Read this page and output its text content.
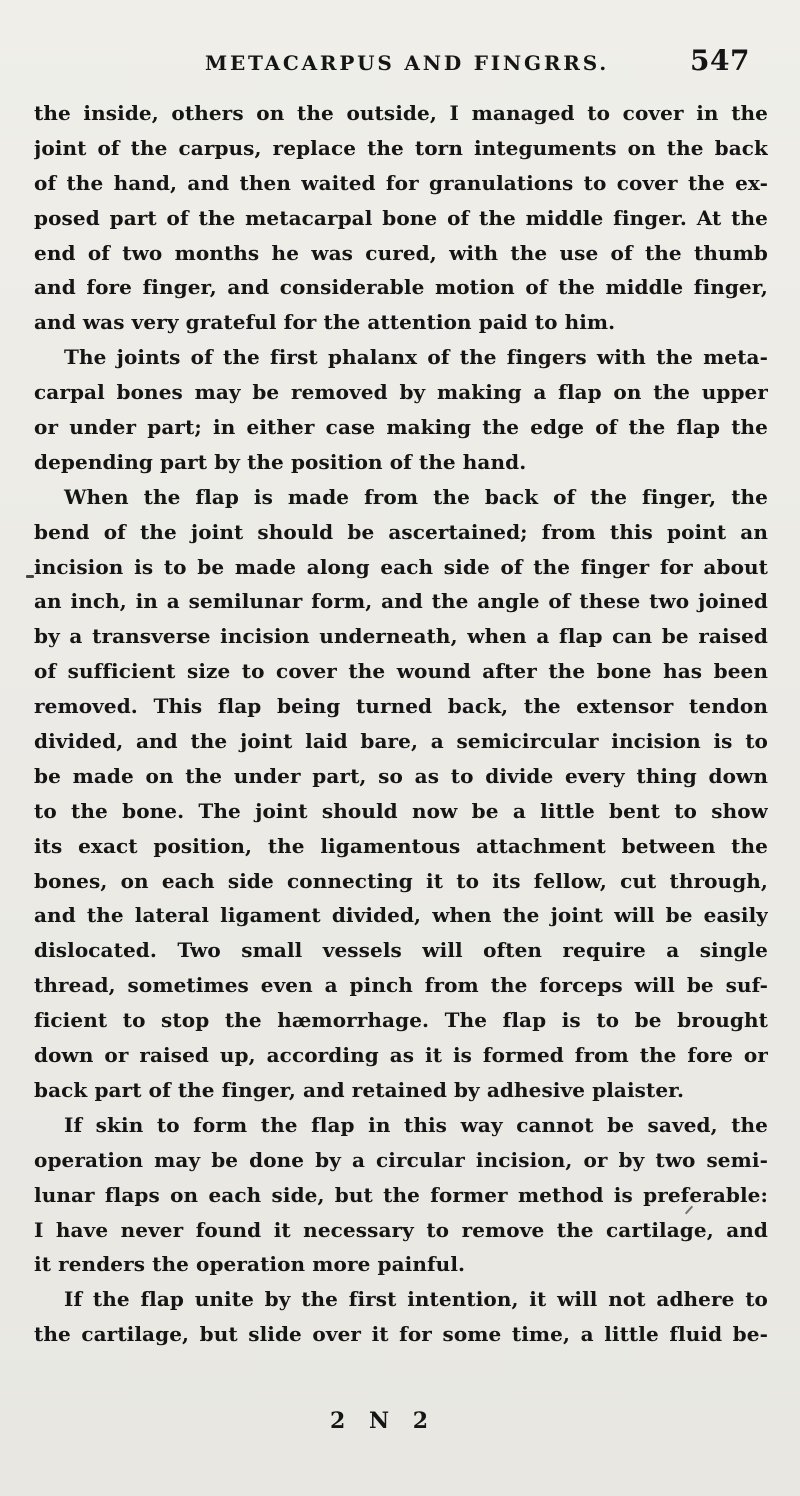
METACARPUS AND FINGRRS.	547
the inside, others on the outside, I managed to cover in the
joint of the carpus, replace the torn integuments on the back
of the hand, and then waited for granulations to cover the ex-
posed part of the metacarpal bone of the middle finger. At the
end of two months he was cured, with the use of the thumb
and fore finger, and considerable motion of the middle finger,
and was very grateful for the attention paid to him.
The joints of the first phalanx of the fingers with the meta-
carpal bones may be removed by making a flap on the upper
or under part; in either case making the edge of the flap the
depending part by the position of the hand.
When the flap is made from the back of the finger, the
bend of the joint should be ascertained; from this point an
incision is to be made along each side of the finger for about
an inch, in a semilunar form, and the angle of these two joined
by a transverse incision underneath, when a flap can be raised
of sufficient size to cover the wound after the bone has been
removed. This flap being turned back, the extensor tendon
divided, and the joint laid bare, a semicircular incision is to
be made on the under part, so as to divide every thing down
to the bone. The joint should now be a little bent to show
its exact position, the ligamentous attachment between the
bones, on each side connecting it to its fellow, cut through,
and the lateral ligament divided, when the joint will be easily
dislocated. Two small vessels will often require a single
thread, sometimes even a pinch from the forceps will be suf-
ficient to stop the hæmorrhage. The flap is to be brought
down or raised up, according as it is formed from the fore or
back part of the finger, and retained by adhesive plaister.
If skin to form the flap in this way cannot be saved, the
operation may be done by a circular incision, or by two semi-
lunar flaps on each side, but the former method is preferable:
I have never found it necessary to remove the cartilage, and
it renders the operation more painful.
If the flap unite by the first intention, it will not adhere to
the cartilage, but slide over it for some time, a little fluid be-
2 N 2
